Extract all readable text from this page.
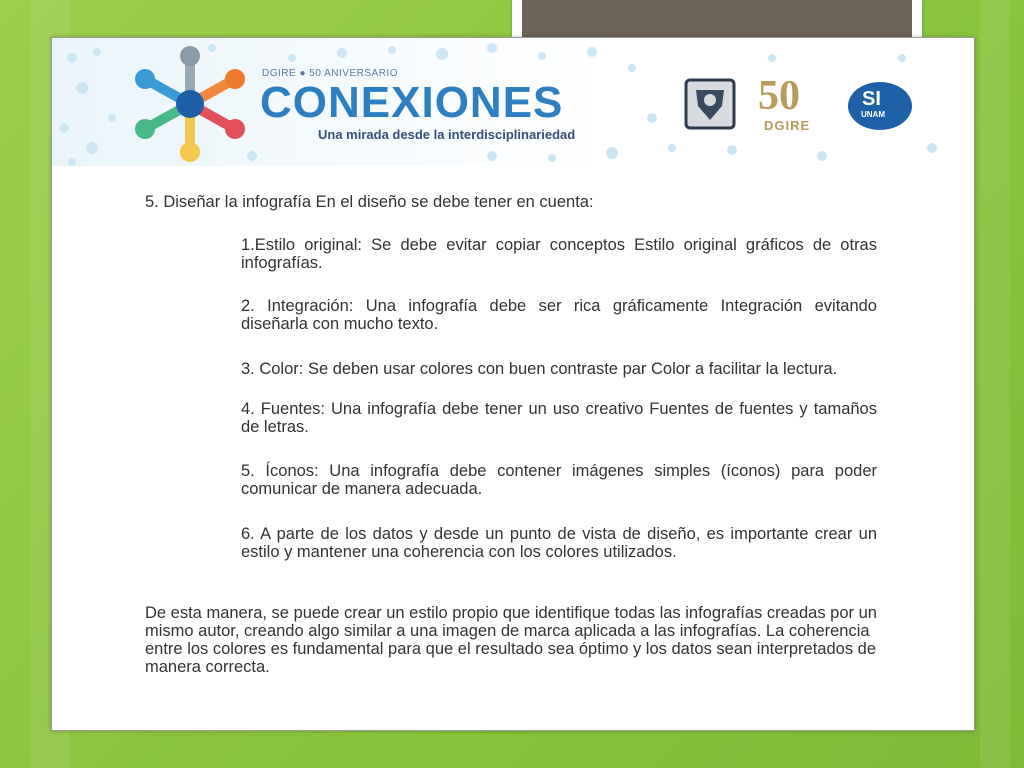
DGIRE ● 50 ANIVERSARIO
CONEXIONES
Una mirada desde la interdisciplinariedad
50
DGIRE
SI
UNAM

5. Diseñar la infografía En el diseño se debe tener en cuenta:

1.Estilo original: Se debe evitar copiar conceptos Estilo original gráficos de otras infografías.

2. Integración: Una infografía debe ser rica gráficamente Integración evitando diseñarla con mucho texto.

3. Color: Se deben usar colores con buen contraste par Color a facilitar la lectura.

4. Fuentes: Una infografía debe tener un uso creativo Fuentes de fuentes y tamaños de letras.

5. Íconos: Una infografía debe contener imágenes simples (íconos) para poder comunicar de manera adecuada.

6. A parte de los datos y desde un punto de vista de diseño, es importante crear un estilo y mantener una coherencia con los colores utilizados.

De esta manera, se puede crear un estilo propio que identifique todas las infografías creadas por un mismo autor, creando algo similar a una imagen de marca aplicada a las infografías. La coherencia entre los colores es fundamental para que el resultado sea óptimo y los datos sean interpretados de manera correcta.
